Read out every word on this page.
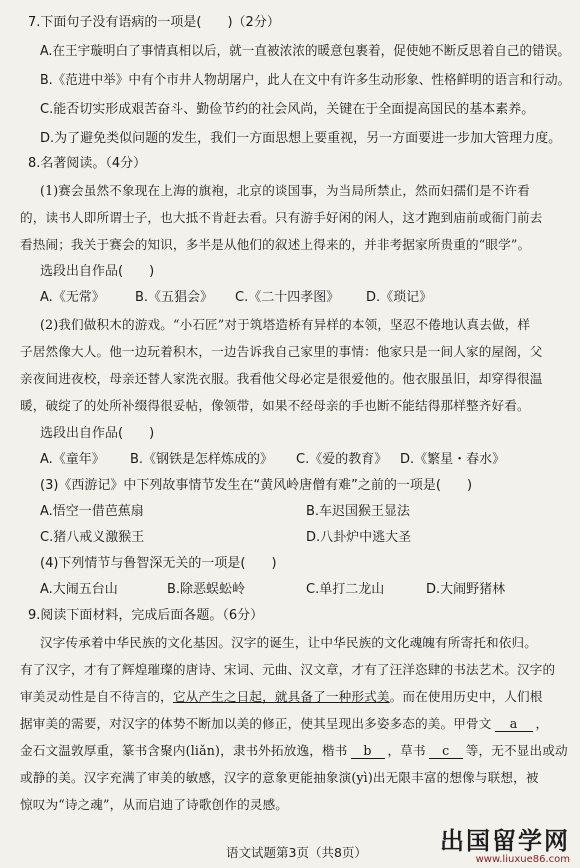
7.下面句子没有语病的一项是(　　)（2分）
A.在王宇璇明白了事情真相以后，就一直被浓浓的暖意包裹着，促使她不断反思着自己的错误。
B.《范进中举》中有个市井人物胡屠户，此人在文中有许多生动形象、性格鲜明的语言和行动。
C.能否切实形成艰苦奋斗、勤俭节约的社会风尚，关键在于全面提高国民的基本素养。
D.为了避免类似问题的发生，我们一方面思想上要重视，另一方面要进一步加大管理力度。
8.名著阅读。（4分）
(1)赛会虽然不象现在上海的旗袍，北京的谈国事，为当局所禁止，然而妇孺们是不许看
的，读书人即所谓士子，也大抵不肯赶去看。只有游手好闲的闲人，这才跑到庙前或衙门前去
看热闹；我关于赛会的知识，多半是从他们的叙述上得来的，并非考据家所贵重的“眼学”。
选段出自作品(　　)
A.《无常》 B.《五猖会》 C.《二十四孝图》 D.《琐记》
(2)我们做积木的游戏。“小石匠”对于筑塔造桥有异样的本领，坚忍不倦地认真去做，样
子居然像大人。他一边玩着积木，一边告诉我自己家里的事情：他家只是一间人家的屋阁，父
亲夜间进夜校，母亲还替人家洗衣服。我看他父母必定是很爱他的。他衣服虽旧，却穿得很温
暖，破绽了的处所补缀得很妥帖，像领带，如果不经母亲的手也断不能结得那样整齐好看。
选段出自作品(　　)
A.《童年》 B.《钢铁是怎样炼成的》 C.《爱的教育》 D.《繁星・春水》
(3)《西游记》中下列故事情节发生在“黄风岭唐僧有难”之前的一项是(　　)
A.悟空一借芭蕉扇	B.车迟国猴王显法
C.猪八戒义激猴王	D.八卦炉中逃大圣
(4)下列情节与鲁智深无关的一项是(　　)
A.大闹五台山	B.除恶蜈蚣岭	C.单打二龙山	D.大闹野猪林
9.阅读下面材料，完成后面各题。（6分）
汉字传承着中华民族的文化基因。汉字的诞生，让中华民族的文化魂魄有所寄托和依归。
有了汉字，才有了辉煌璀璨的唐诗、宋词、元曲、汉文章，才有了汪洋恣肆的书法艺术。汉字的
审美灵动性是自不待言的，它从产生之日起，就具备了一种形式美。而在使用历史中，人们根
据审美的需要，对汉字的体势不断加以美的修正，使其呈现出多姿多态的美。甲骨文 a ，
金石文温敦厚重，篆书含聚内(liǎn)，隶书外拓放逸，楷书 b ，草书 c 等，无不显出或动
或静的美。汉字充满了审美的敏感，汉字的意象更能抽象演(yì)出无限丰富的想像与联想，被
惊叹为“诗之魂”，从而启迪了诗歌创作的灵感。
语文试题第3页（共8页）	出国留学网
www.liuxue86.com
